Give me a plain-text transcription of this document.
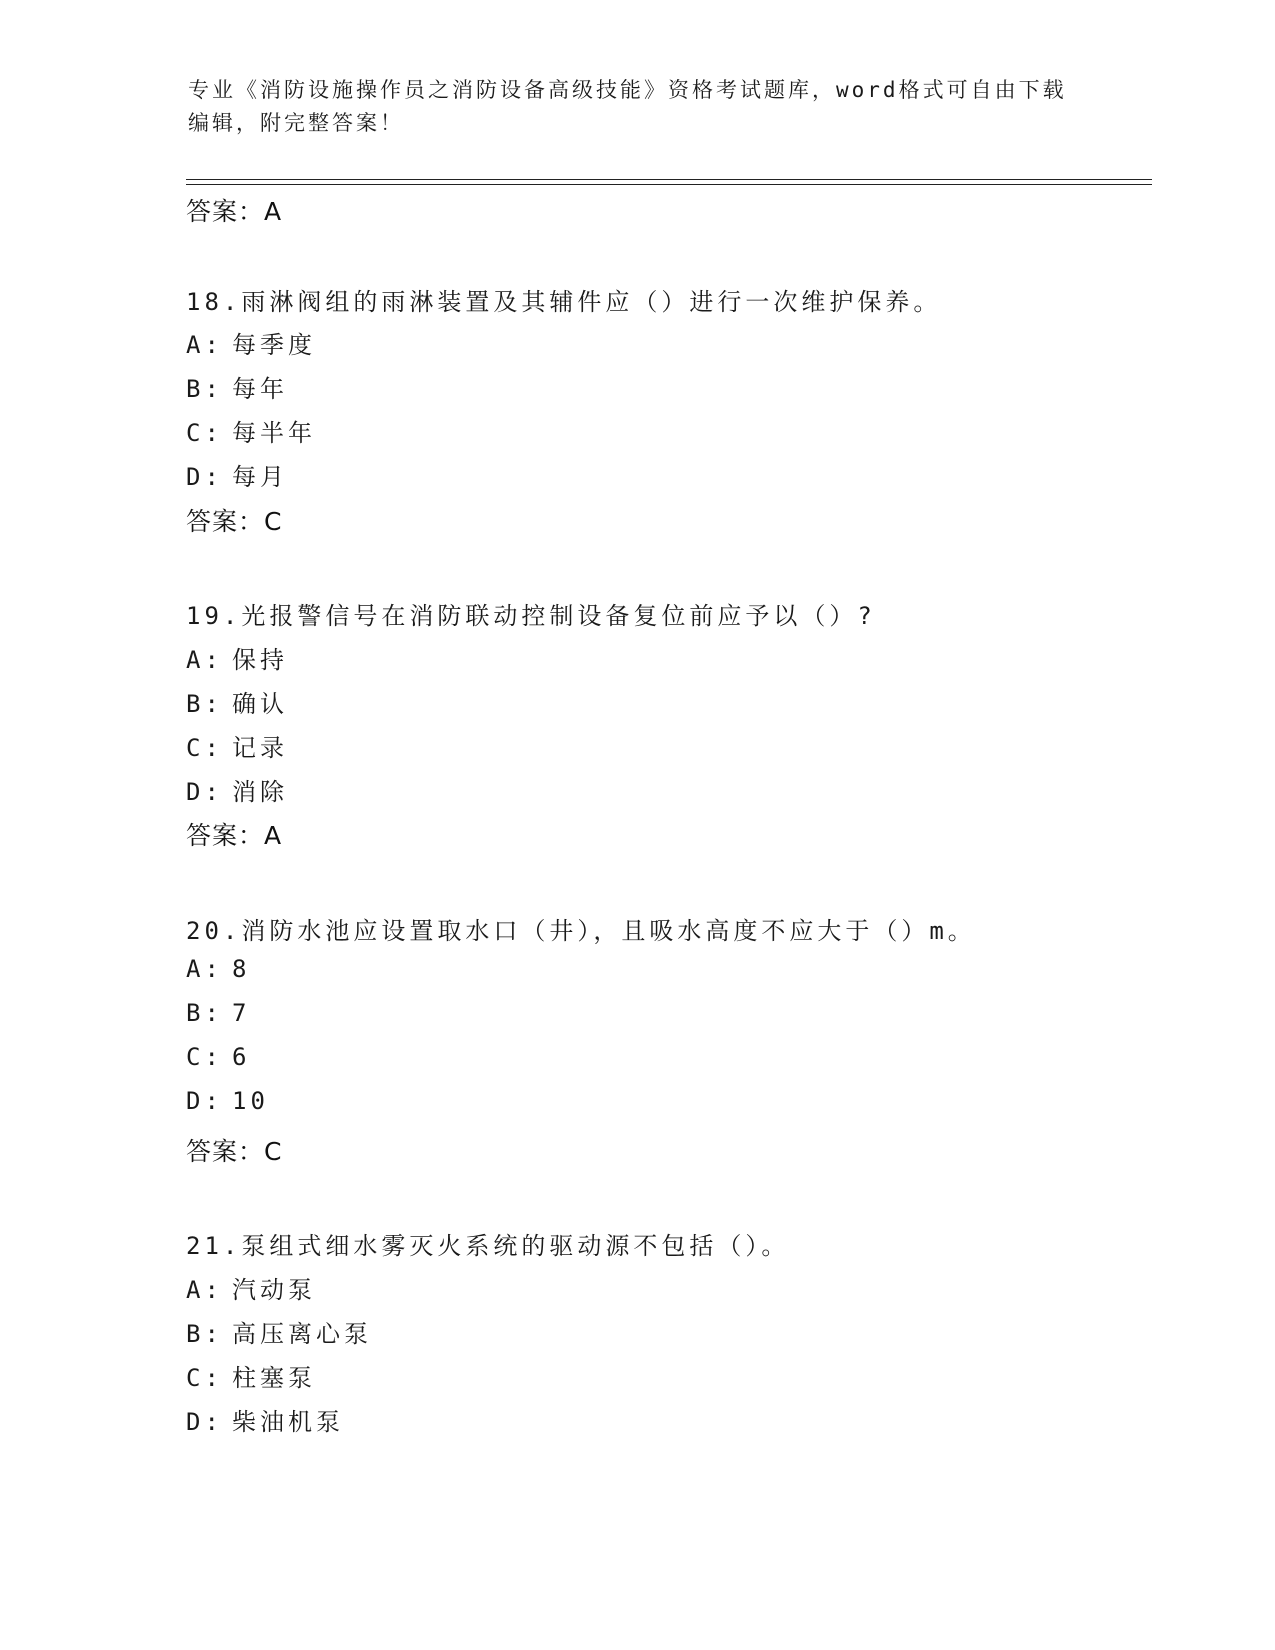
专业《消防设施操作员之消防设备高级技能》资格考试题库，word格式可自由下载编辑，附完整答案！

答案：A
18.雨淋阀组的雨淋装置及其辅件应（）进行一次维护保养。
A: 每季度
B: 每年
C: 每半年
D: 每月
答案：C
19.光报警信号在消防联动控制设备复位前应予以（）?
A: 保持
B: 确认
C: 记录
D: 消除
答案：A
20.消防水池应设置取水口（井），且吸水高度不应大于（）m。
A: 8
B: 7
C: 6
D: 10
答案：C
21.泵组式细水雾灭火系统的驱动源不包括（）。
A: 汽动泵
B: 高压离心泵
C: 柱塞泵
D: 柴油机泵
